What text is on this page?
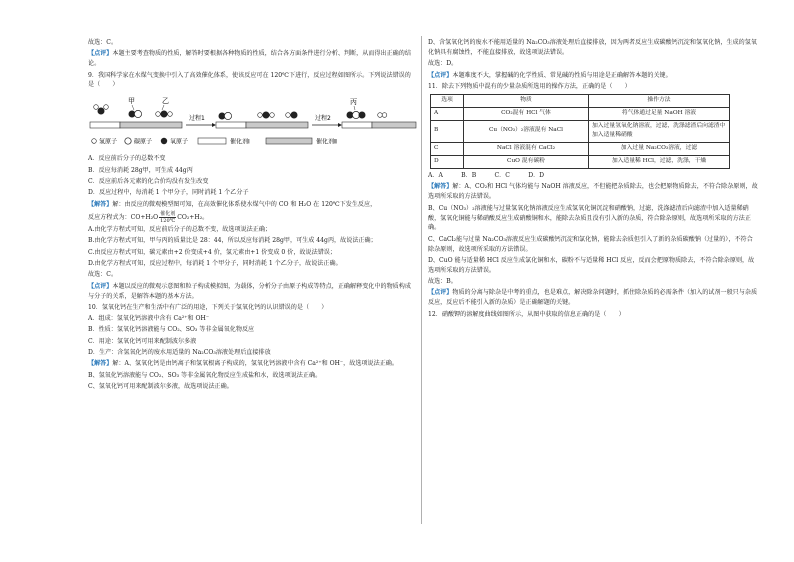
故选：C。

【点评】本题主要考查物质的性质，解答时要根据各种物质的性质，结合各方面条件进行分析、判断，从而得出正确的结论。

9．我国科学家在水煤气变换中引入了高效催化体系，使该反应可在 120℃下进行，反应过程如图所示。下列说法错误的是（　　）

甲	乙
过程1	过程2
丙
氢原子	碳原子	氧原子	催化剂Ⅰ	催化剂Ⅱ

A．反应前后分子的总数不变

B．反应每消耗 28g甲，可生成 44g丙

C．反应前后各元素的化合价均没有发生改变

D．反应过程中，每消耗 1 个甲分子，同时消耗 1 个乙分子

【解答】解：由反应的微观模型图可知，在高效催化体系使水煤气中的 CO 和 H₂O 在 120℃下发生反应，

反应方程式为：$CO+H_2O \frac{\text{催化剂}}{120℃} CO_2+H_2$。

A.由化学方程式可知，反应前后分子的总数不变，故选项说法正确；

B.由化学方程式可知，甲与丙的质量比是 28：44，所以反应每消耗 28g甲，可生成 44g丙，故说法正确；

C.由反应方程式可知，碳元素由+2 价变成+4 价，氢元素由+1 价变成 0 价，故说法错误；

D.由化学方程式可知，反应过程中，每消耗 1 个甲分子，同时消耗 1 个乙分子，故说法正确。

故选：C。

【点评】本题以反应的微观示意图和粒子构成模拟图，为载体，分析分子由原子构成等特点，正确解释变化中的物质构成与分子的关系，是解答本题的基本方法。

10．氢氧化钙在生产和生活中有广泛的用途，下列关于氢氧化钙的认识错误的是（　　）

A．组成：氢氧化钙溶液中含有 Ca²⁺和 OH⁻

B．性质：氢氧化钙溶液能与 CO₂、SO₃ 等非金属氧化物反应

C．用途：氢氧化钙可用来配制波尔多液

D．生产：含氢氧化钙的废水用适量的 Na₂CO₃溶液处理后直接排放

【解答】解：A、氢氧化钙是由钙离子和氢氧根离子构成的，氢氧化钙溶液中含有 Ca²⁺和 OH⁻，故选项说法正确。

B、氢氧化钙溶液能与 CO₂、SO₃ 等非金属氧化物反应生成盐和水，故选项说法正确。

C、氢氧化钙可用来配制波尔多液，故选项说法正确。

D、含氢氧化钙的废水不能用适量的 Na₂CO₃溶液处理后直接排放，因为两者反应生成碳酸钙沉淀和氢氧化钠，生成的氢氧化钠具有腐蚀性，不能直接排放，故选项说法错误。

故选：D。

【点评】本题难度不大，掌握碱的化学性质、常见碱的性质与用途是正确解答本题的关键。

11．除去下列物质中混有的少量杂质所选用的操作方法，正确的是（　　）

选项	物质	操作方法
A	CO₂混有 HCl 气体	将气体通过足量 NaOH 溶液
B	Cu（NO₃）₂溶液混有 NaCl	加入过量氢氧化钠溶液，过滤，洗涤滤渣后向滤渣中加入适量稀硝酸
C	NaCl 溶液混有 CaCl₂	加入过量 Na₂CO₃溶液，过滤
D	CuO 混有碳粉	加入适量稀 HCl，过滤，洗涤，干燥

A．A　　　B．B　　　C．C　　　D．D

【解答】解：A、CO₂和 HCl 气体均能与 NaOH 溶液反应，不但能把杂质除去，也会把原物质除去，不符合除杂原则，故选项所采取的方法错误。

B、Cu（NO₃）₂溶液能与过量氢氧化钠溶液反应生成氢氧化铜沉淀和硝酸钠，过滤，洗涤滤渣后向滤渣中加入适量稀硝酸，氢氧化铜能与稀硝酸反应生成硝酸铜和水，能除去杂质且没有引入新的杂质，符合除杂原则，故选项所采取的方法正确。

C、CaCl₂能与过量 Na₂CO₃溶液反应生成碳酸钙沉淀和氯化钠，能除去杂质但引入了新的杂质碳酸钠（过量的），不符合除杂原则，故选项所采取的方法错误。

D、CuO 能与适量稀 HCl 反应生成氯化铜和水，碳粉不与适量稀 HCl 反应，反而会把原物质除去，不符合除杂原则，故选项所采取的方法错误。

故选：B。

【点评】物质的分离与除杂是中考的重点，也是难点，解决除杂问题时，抓住除杂质的必需条件（加入的试剂一般只与杂质反应，反应后不能引入新的杂质）是正确解题的关键。

12．硝酸钾的溶解度曲线如图所示，从图中获取的信息正确的是（　　）
